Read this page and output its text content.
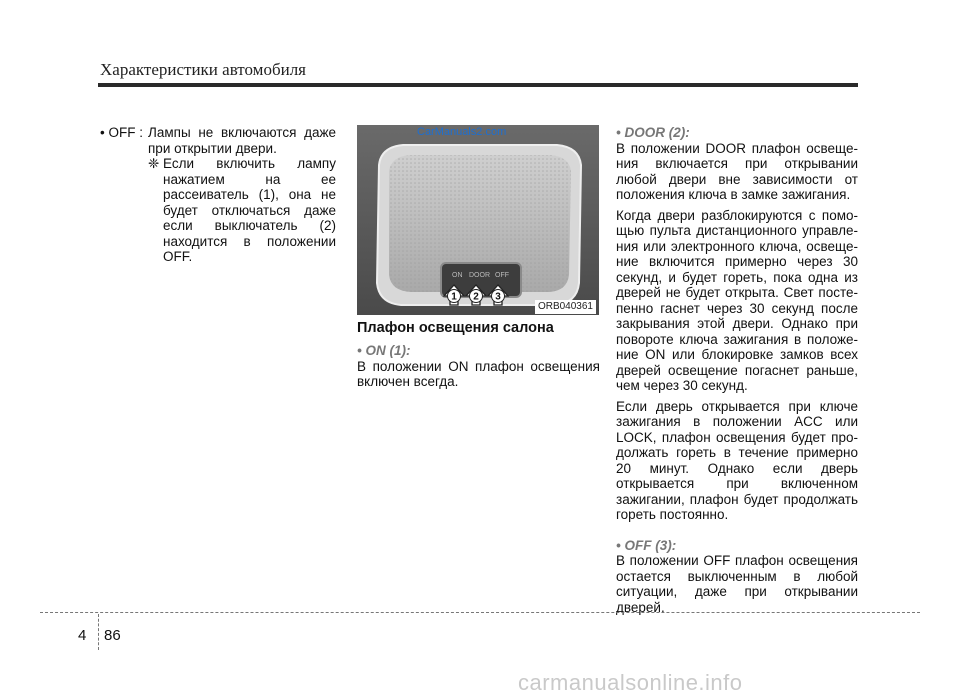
Характеристики автомобиля
• OFF : Лампы не включаются даже при открытии двери.
❈ Если включить лампу нажатием на ее рассеиватель (1), она не будет отключаться даже если выключатель (2) находится в положении OFF.
ON DOOR OFF
1 2 3
CarManuals2.com
ORB040361
Плафон освещения салона
• ON (1):

В положении ON плафон освещения включен всегда.

• DOOR (2):

В положении DOOR плафон освеще-ния включается при открывании любой двери вне зависимости от положения ключа в замке зажигания.

Когда двери разблокируются с помо-щью пульта дистанционного управле-ния или электронного ключа, освеще-ние включится примерно через 30 секунд, и будет гореть, пока одна из дверей не будет открыта. Свет посте-пенно гаснет через 30 секунд после закрывания этой двери. Однако при повороте ключа зажигания в положе-ние ON или блокировке замков всех дверей освещение погаснет раньше, чем через 30 секунд.

Если дверь открывается при ключе зажигания в положении ACC или LOCK, плафон освещения будет про-должать гореть в течение примерно 20 минут. Однако если дверь открывается при включенном зажигании, плафон будет продолжать гореть постоянно.

• OFF (3):

В положении OFF плафон освещения остается выключенным в любой ситуации, даже при открывании дверей.

4 86
carmanualsonline.info
